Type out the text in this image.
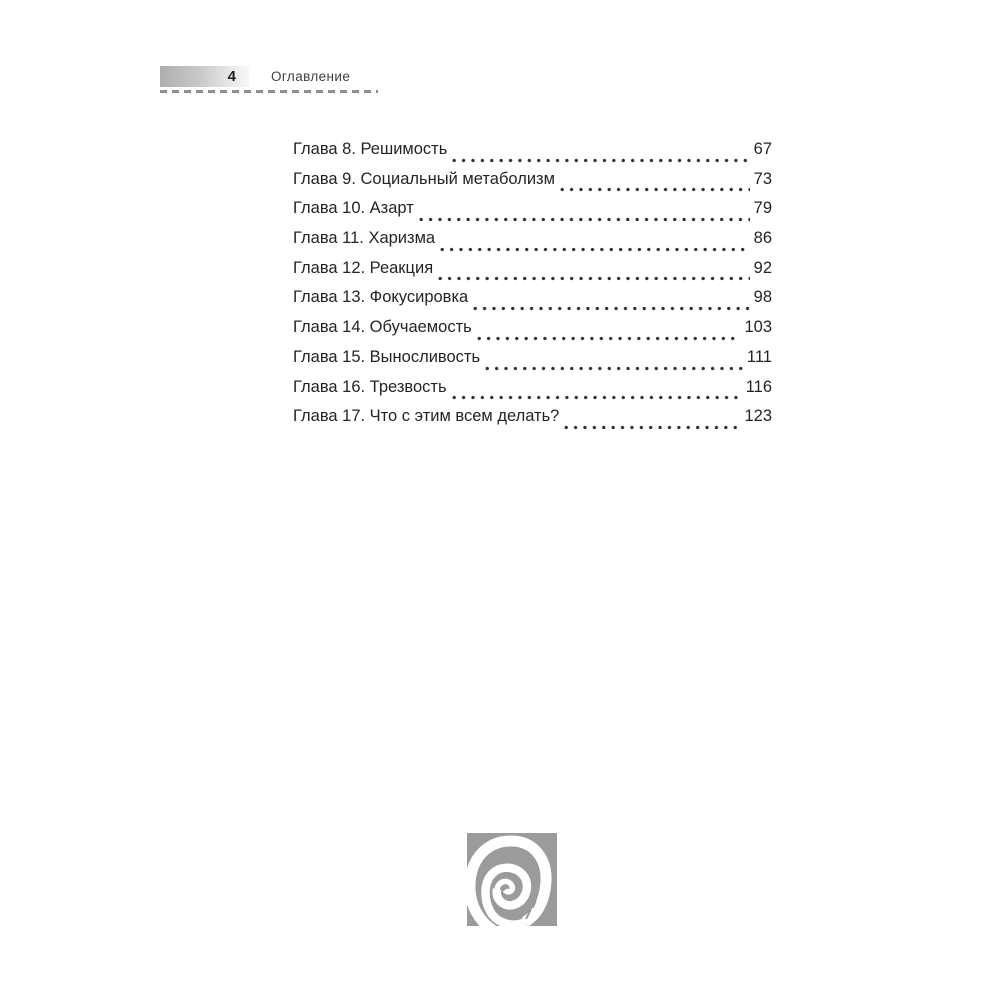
4	Оглавление
Глава 8. Решимость	67
Глава 9. Социальный метаболизм	73
Глава 10. Азарт	79
Глава 11. Харизма	86
Глава 12. Реакция	92
Глава 13. Фокусировка	98
Глава 14. Обучаемость	103
Глава 15. Выносливость	111
Глава 16. Трезвость	116
Глава 17. Что с этим всем делать?	123
